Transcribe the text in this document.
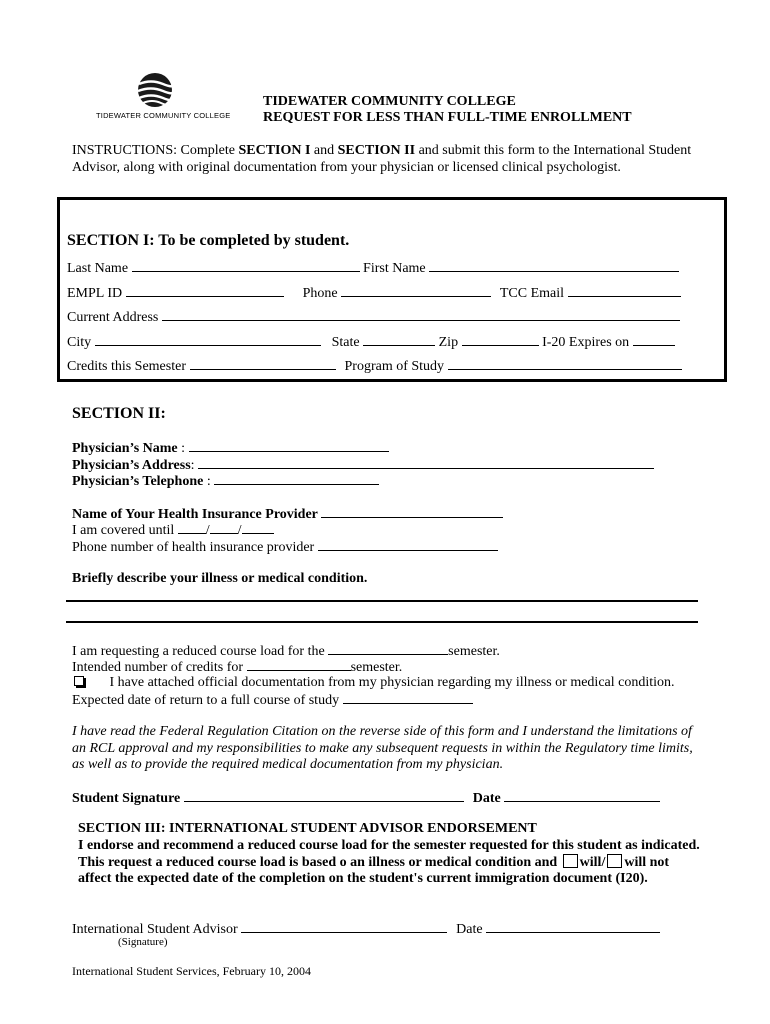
TIDEWATER COMMUNITY COLLEGE
TIDEWATER COMMUNITY COLLEGE
REQUEST FOR LESS THAN FULL-TIME ENROLLMENT
INSTRUCTIONS: Complete SECTION I and SECTION II and submit this form to the International Student
Advisor, along with original documentation from your physician or licensed clinical psychologist.
SECTION I: To be completed by student.
Last Name	First Name
EMPL ID	Phone	TCC Email
Current Address
City	State	Zip	I-20 Expires on
Credits this Semester	Program of Study
SECTION II:
Physician’s Name :
Physician’s Address:
Physician’s Telephone :
Name of Your Health Insurance Provider
I am covered until / /
Phone number of health insurance provider
Briefly describe your illness or medical condition.
I am requesting a reduced course load for the	semester.
Intended number of credits for	semester.
I have attached official documentation from my physician regarding my illness or medical condition.
Expected date of return to a full course of study
I have read the Federal Regulation Citation on the reverse side of this form and I understand the limitations of
an RCL approval and my responsibilities to make any subsequent requests in within the Regulatory time limits,
as well as to provide the required medical documentation from my physician.
Student Signature	Date
SECTION III: INTERNATIONAL STUDENT ADVISOR ENDORSEMENT
I endorse and recommend a reduced course load for the semester requested for this student as indicated.
This request a reduced course load is based o an illness or medical condition and will/ will not
affect the expected date of the completion on the student's current immigration document (I20).
International Student Advisor	Date
(Signature)
International Student Services, February 10, 2004
